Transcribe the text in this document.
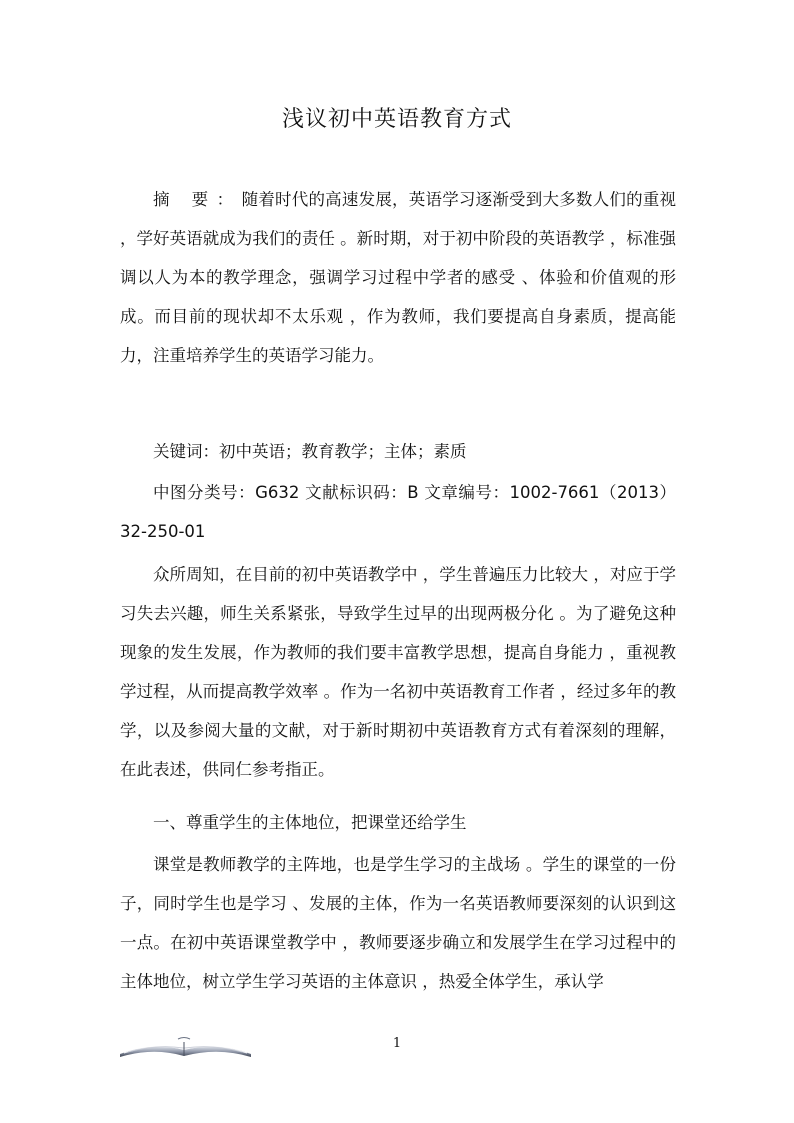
浅议初中英语教育方式

摘 要：随着时代的高速发展，英语学习逐渐受到大多数人们的重视 ，学好英语就成为我们的责任 。新时期，对于初中阶段的英语教学 ，标准强调以人为本的教学理念，强调学习过程中学者的感受 、体验和价值观的形成。而目前的现状却不太乐观 ，作为教师，我们要提高自身素质，提高能力，注重培养学生的英语学习能力。

关键词：初中英语；教育教学；主体；素质

中图分类号：G632 文献标识码：B 文章编号：1002-7661（2013）32-250-01

众所周知，在目前的初中英语教学中 ，学生普遍压力比较大 ，对应于学习失去兴趣，师生关系紧张，导致学生过早的出现两极分化 。为了避免这种现象的发生发展，作为教师的我们要丰富教学思想，提高自身能力 ，重视教学过程，从而提高教学效率 。作为一名初中英语教育工作者 ，经过多年的教学，以及参阅大量的文献，对于新时期初中英语教育方式有着深刻的理解，在此表述，供同仁参考指正。

一、尊重学生的主体地位，把课堂还给学生

课堂是教师教学的主阵地，也是学生学习的主战场 。学生的课堂的一份子，同时学生也是学习 、发展的主体，作为一名英语教师要深刻的认识到这一点。在初中英语课堂教学中 ，教师要逐步确立和发展学生在学习过程中的主体地位，树立学生学习英语的主体意识 ，热爱全体学生，承认学

1
